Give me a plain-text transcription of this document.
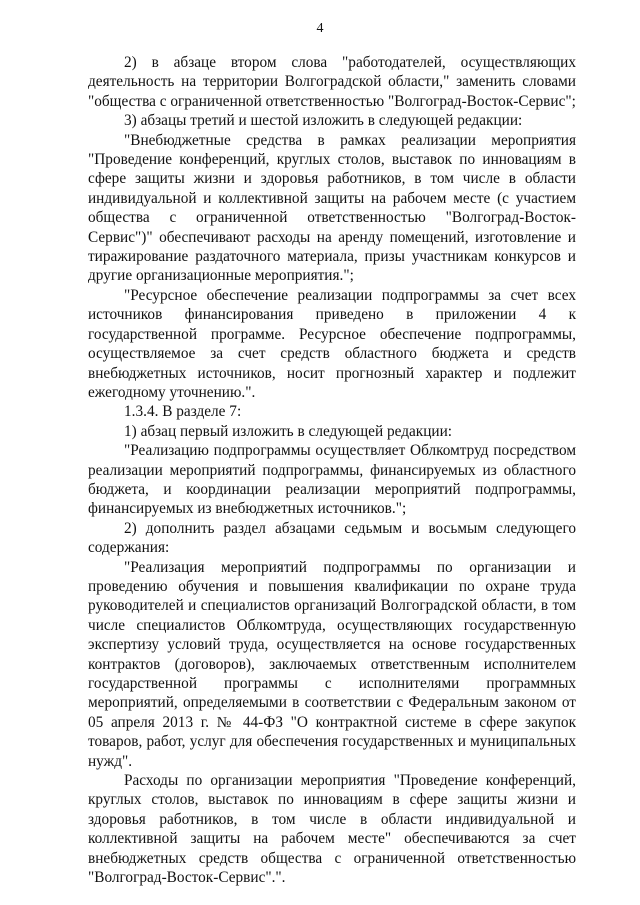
4

2) в абзаце втором слова "работодателей, осуществляющих деятельность на территории Волгоградской области," заменить словами "общества с ограниченной ответственностью "Волгоград-Восток-Сервис";

3) абзацы третий и шестой изложить в следующей редакции:

"Внебюджетные средства в рамках реализации мероприятия "Проведение конференций, круглых столов, выставок по инновациям в сфере защиты жизни и здоровья работников, в том числе в области индивидуальной и коллективной защиты на рабочем месте (с участием общества с ограниченной ответственностью "Волгоград-Восток-Сервис")" обеспечивают расходы на аренду помещений, изготовление и тиражирование раздаточного материала, призы участникам конкурсов и другие организационные мероприятия.";

"Ресурсное обеспечение реализации подпрограммы за счет всех источников финансирования приведено в приложении 4 к государственной программе. Ресурсное обеспечение подпрограммы, осуществляемое за счет средств областного бюджета и средств внебюджетных источников, носит прогнозный характер и подлежит ежегодному уточнению.".

1.3.4. В разделе 7:

1) абзац первый изложить в следующей редакции:

"Реализацию подпрограммы осуществляет Облкомтруд посредством реализации мероприятий подпрограммы, финансируемых из областного бюджета, и координации реализации мероприятий подпрограммы, финансируемых из внебюджетных источников.";

2) дополнить раздел абзацами седьмым и восьмым следующего содержания:

"Реализация мероприятий подпрограммы по организации и проведению обучения и повышения квалификации по охране труда руководителей и специалистов организаций Волгоградской области, в том числе специалистов Облкомтруда, осуществляющих государственную экспертизу условий труда, осуществляется на основе государственных контрактов (договоров), заключаемых ответственным исполнителем государственной программы с исполнителями программных мероприятий, определяемыми в соответствии с Федеральным законом от 05 апреля 2013 г. № 44-ФЗ "О контрактной системе в сфере закупок товаров, работ, услуг для обеспечения государственных и муниципальных нужд".

Расходы по организации мероприятия "Проведение конференций, круглых столов, выставок по инновациям в сфере защиты жизни и здоровья работников, в том числе в области индивидуальной и коллективной защиты на рабочем месте" обеспечиваются за счет внебюджетных средств общества с ограниченной ответственностью "Волгоград-Восток-Сервис".".
